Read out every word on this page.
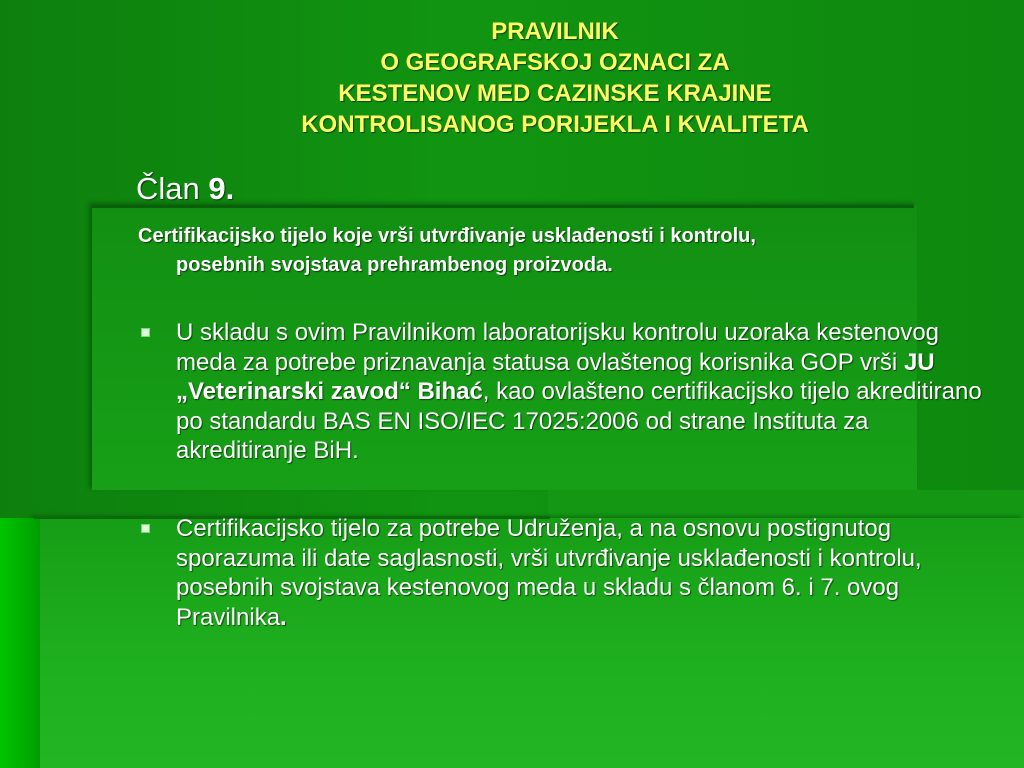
PRAVILNIK
O GEOGRAFSKOJ OZNACI ZA
KESTENOV MED CAZINSKE KRAJINE
KONTROLISANOG PORIJEKLA I KVALITETA
Član 9.
Certifikacijsko tijelo koje vrši utvrđivanje usklađenosti i kontrolu,
posebnih svojstava prehrambenog proizvoda.
U skladu s ovim Pravilnikom laboratorijsku kontrolu uzoraka kestenovog meda za potrebe priznavanja statusa ovlaštenog korisnika GOP vrši JU „Veterinarski zavod“ Bihać, kao ovlašteno certifikacijsko tijelo akreditirano po standardu BAS EN ISO/IEC 17025:2006 od strane Instituta za akreditiranje BiH.
Certifikacijsko tijelo za potrebe Udruženja, a na osnovu postignutog sporazuma ili date saglasnosti, vrši utvrđivanje usklađenosti i kontrolu, posebnih svojstava kestenovog meda u skladu s članom 6. i 7. ovog Pravilnika.
